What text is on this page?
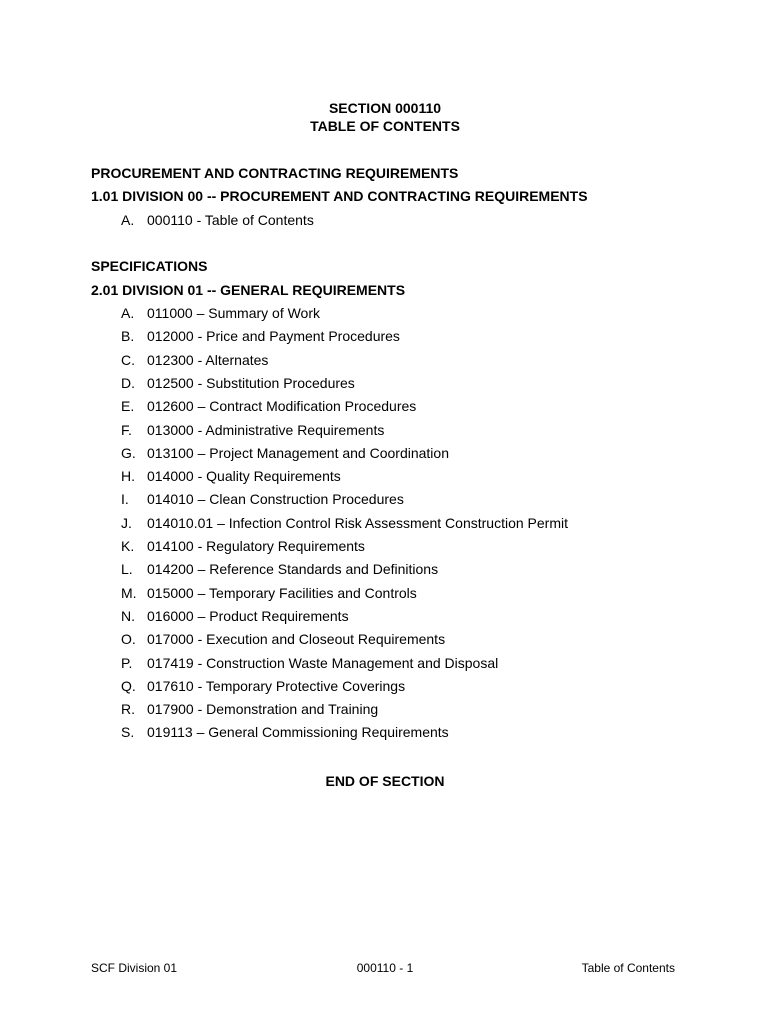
SECTION 000110
TABLE OF CONTENTS
PROCUREMENT AND CONTRACTING REQUIREMENTS
1.01 DIVISION 00 -- PROCUREMENT AND CONTRACTING REQUIREMENTS
A. 000110 - Table of Contents
SPECIFICATIONS
2.01 DIVISION 01 -- GENERAL REQUIREMENTS
A. 011000 – Summary of Work
B. 012000 - Price and Payment Procedures
C. 012300 - Alternates
D. 012500 - Substitution Procedures
E. 012600 – Contract Modification Procedures
F. 013000 - Administrative Requirements
G. 013100 – Project Management and Coordination
H. 014000 - Quality Requirements
I. 014010 – Clean Construction Procedures
J. 014010.01 – Infection Control Risk Assessment Construction Permit
K. 014100 - Regulatory Requirements
L. 014200 – Reference Standards and Definitions
M. 015000 – Temporary Facilities and Controls
N. 016000 – Product Requirements
O. 017000 - Execution and Closeout Requirements
P. 017419 - Construction Waste Management and Disposal
Q. 017610 - Temporary Protective Coverings
R. 017900 - Demonstration and Training
S. 019113 – General Commissioning Requirements
END OF SECTION
SCF Division 01	000110 - 1	Table of Contents
